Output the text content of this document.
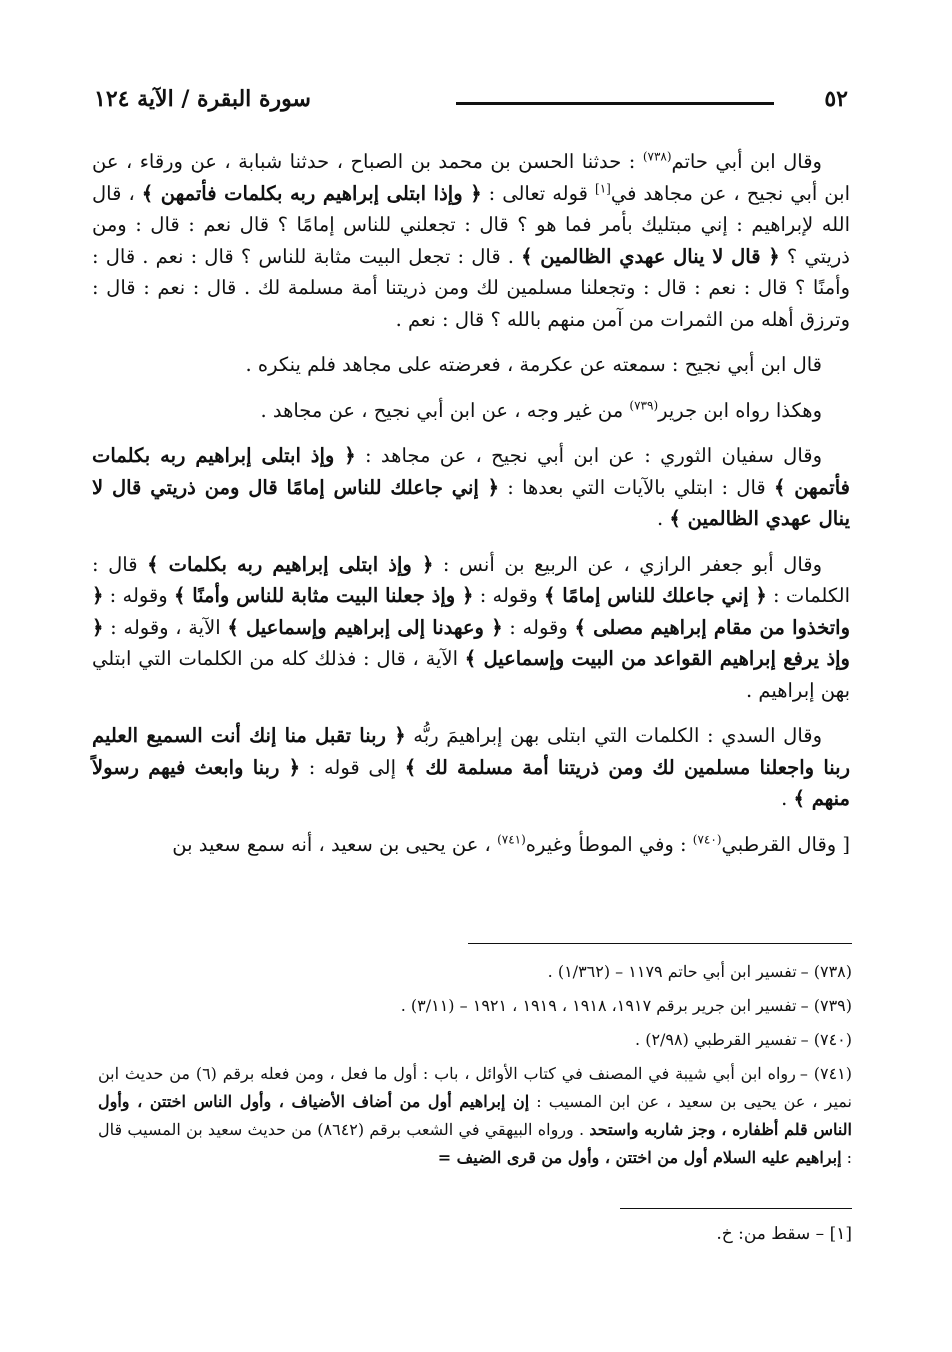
٥٢
سورة البقرة / الآية ١٢٤

وقال ابن أبي حاتم$^{(٧٣٨)}$ : حدثنا الحسن بن محمد بن الصباح ، حدثنا شبابة ، عن ورقاء ، عن ابن أبي نجيح ، عن مجاهد في[١] قوله تعالى : ﴿ وإذا ابتلى إبراهيم ربه بكلمات فأتمهن ﴾ ، قال الله لإبراهيم : إني مبتليك بأمر فما هو ؟ قال : تجعلني للناس إمامًا ؟ قال نعم : قال : ومن ذريتي ؟ ﴿ قال لا ينال عهدي الظالمين ﴾ . قال : تجعل البيت مثابة للناس ؟ قال : نعم . قال : وأمنًا ؟ قال : نعم : قال : وتجعلنا مسلمين لك ومن ذريتنا أمة مسلمة لك . قال : نعم : قال : وترزق أهله من الثمرات من آمن منهم بالله ؟ قال : نعم .

قال ابن أبي نجيح : سمعته عن عكرمة ، فعرضته على مجاهد فلم ينكره .

وهكذا رواه ابن جرير$^{(٧٣٩)}$ من غير وجه ، عن ابن أبي نجيح ، عن مجاهد .

وقال سفيان الثوري : عن ابن أبي نجيح ، عن مجاهد : ﴿ وإذ ابتلى إبراهيم ربه بكلمات فأتمهن ﴾ قال : ابتلي بالآيات التي بعدها : ﴿ إني جاعلك للناس إمامًا قال ومن ذريتي قال لا ينال عهدي الظالمين ﴾ .

وقال أبو جعفر الرازي ، عن الربيع بن أنس : ﴿ وإذ ابتلى إبراهيم ربه بكلمات ﴾ قال : الكلمات : ﴿ إني جاعلك للناس إمامًا ﴾ وقوله : ﴿ وإذ جعلنا البيت مثابة للناس وأمنًا ﴾ وقوله : ﴿ واتخذوا من مقام إبراهيم مصلى ﴾ وقوله : ﴿ وعهدنا إلى إبراهيم وإسماعيل ﴾ الآية ، وقوله : ﴿ وإذ يرفع إبراهيم القواعد من البيت وإسماعيل ﴾ الآية ، قال : فذلك كله من الكلمات التي ابتلي بهن إبراهيم .

وقال السدي : الكلمات التي ابتلى بهن إبراهيمَ ربُّه ﴿ ربنا تقبل منا إنك أنت السميع العليم ربنا واجعلنا مسلمين لك ومن ذريتنا أمة مسلمة لك ﴾ إلى قوله : ﴿ ربنا وابعث فيهم رسولاً منهم ﴾ .

[ وقال القرطبي$^{(٧٤٠)}$ : وفي الموطأ وغيره$^{(٧٤١)}$ ، عن يحيى بن سعيد ، أنه سمع سعيد بن

(٧٣٨) –تفسير ابن أبي حاتم ١١٧٩ – (١/٣٦٢) .

(٧٣٩) –تفسير ابن جرير برقم ١٩١٧، ١٩١٨ ، ١٩١٩ ، ١٩٢١ – (٣/١١) .

(٧٤٠) –تفسير القرطبي (٢/٩٨) .

(٧٤١) –رواه ابن أبي شيبة في المصنف في كتاب الأوائل ، باب : أول ما فعل ، ومن فعله برقم (٦) من حديث ابن نمير ، عن يحيى بن سعيد ، عن ابن المسيب : إن إبراهيم أول من أضاف الأضياف ، وأول الناس اختتن ، وأول الناس قلم أظفاره ، وجز شاربه واستحد . ورواه البيهقي في الشعب برقم (٨٦٤٢) من حديث سعيد بن المسيب قال : إبراهيم عليه السلام أول من اختتن ، وأول من قرى الضيف =

[١] – سقط من: خ.
